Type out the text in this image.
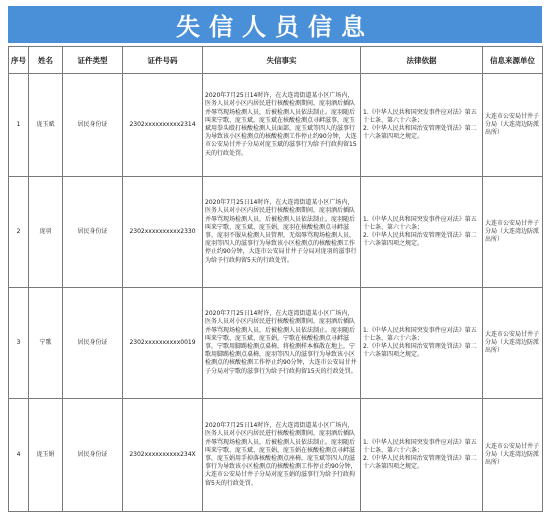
失信人员信息
序号	姓名	证件类型	证件号码	失信事实	法律依据	信息来源单位
1	庞玉斌	居民身份证	2302xxxxxxxxxx2314	2020年7月25日14时许，在大连湾街道某小区广场内，医务人员对小区内居民进行核酸检测期间，庞羽酒后插队并辱骂现场检测人员，后被检测人员依法制止。庞羽随后叫来宁歌、庞玉斌，庞玉斌在核酸检测点寻衅滋事，庞玉斌用拳头殴打核酸检测人员面部，庞玉斌等四人的滋事行为导致该小区检测点的核酸检测工作停止约90分钟，大连市公安局甘井子分局对庞玉斌的滋事行为给予行政拘留15天的行政处罚。	1.《中华人民共和国突发事件应对法》第五十七条、第六十六条；
2.《中华人民共和国治安管理处罚法》第二十六条第四项之规定。	大连市公安局甘井子分局（大连湾边防派出所）
2	庞羽	居民身份证	2302xxxxxxxxxx2330	2020年7月25日14时许，在大连湾街道某小区广场内，医务人员对小区内居民进行核酸检测期间，庞羽酒后插队并辱骂现场检测人员，后被检测人员依法制止。庞羽随后叫来宁歌、庞玉斌、庞玉娟，庞羽在核酸检测点寻衅滋事，庞羽不服从检测人员管理，无端辱骂现场检测人员，庞羽等四人的滋事行为导致该小区检测点的核酸检测工作停止约90分钟，大连市公安局甘井子分局对庞羽的滋事行为给予行政拘留5天的行政处罚。	1.《中华人民共和国突发事件应对法》第五十七条、第六十六条；
2.《中华人民共和国治安管理处罚法》第二十六条第四项之规定。	大连市公安局甘井子分局（大连湾边防派出所）
3	宁歌	居民身份证	2302xxxxxxxxxx0019	2020年7月25日14时许，在大连湾街道某小区广场内，医务人员对小区内居民进行核酸检测期间，庞羽酒后插队并辱骂现场检测人员，后被检测人员依法制止。庞羽随后叫来宁歌、庞玉斌、庞玉娟，宁歌在核酸检测点寻衅滋事，宁歌用脚踢检测点桌椅，将检测样本推散在地上，宁歌用脚踢检测点桌椅，庞羽等四人的滋事行为导致该小区检测点的核酸检测工作停止约90分钟，大连市公安局甘井子分局对宁歌的滋事行为给予行政拘留15天的行政处罚。	1.《中华人民共和国突发事件应对法》第五十七条、第六十六条；
2.《中华人民共和国治安管理处罚法》第二十六条第四项之规定。	大连市公安局甘井子分局（大连湾边防派出所）
4	庞玉娟	居民身份证	2302xxxxxxxxxx234X	2020年7月25日14时许，在大连湾街道某小区广场内，医务人员对小区内居民进行核酸检测期间，庞羽酒后插队并辱骂现场检测人员，后被检测人员依法制止。庞羽随后叫来宁歌、庞玉斌、庞玉娟，庞玉娟在核酸检测点寻衅滋事，庞玉娟用手掉落核酸检测点座椅，庞玉斌等四人的滋事行为导致该小区检测点的核酸检测工作停止约90分钟，大连市公安局甘井子分局对庞玉娟的滋事行为给予行政拘留5天的行政处罚。	1.《中华人民共和国突发事件应对法》第五十七条、第六十六条；
2.《中华人民共和国治安管理处罚法》第二十六条第四项之规定。	大连市公安局甘井子分局（大连湾边防派出所）
